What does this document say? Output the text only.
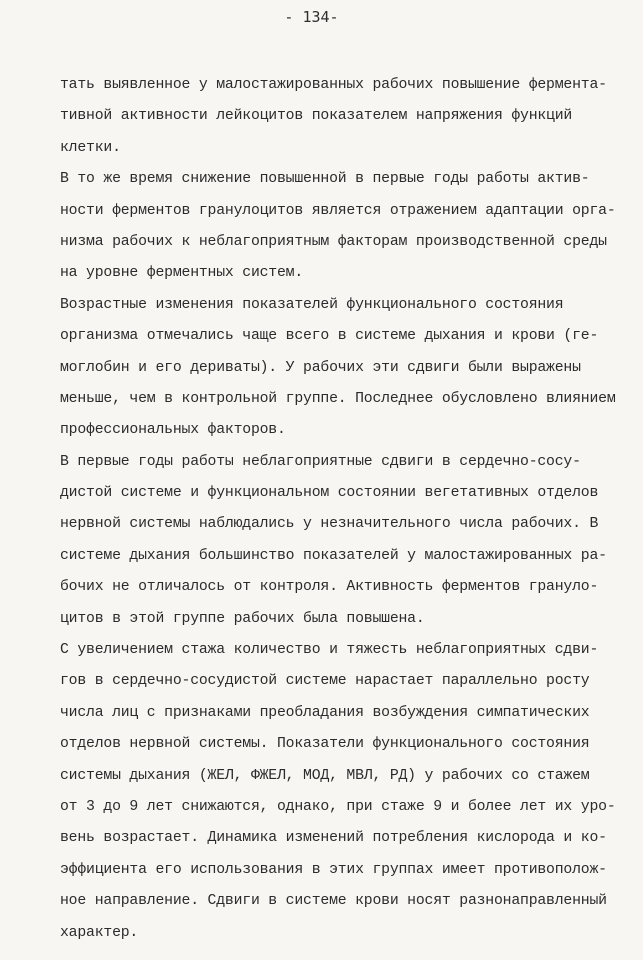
- 134-
тать выявленное у малостажированных рабочих повышение фермента-
тивной активности лейкоцитов показателем напряжения функций
клетки.
В то же время снижение повышенной в первые годы работы актив-
ности ферментов гранулоцитов является отражением адаптации орга-
низма рабочих к неблагоприятным факторам производственной среды
на уровне ферментных систем.
Возрастные изменения показателей функционального состояния
организма отмечались чаще всего в системе дыхания и крови (ге-
моглобин и его дериваты). У рабочих эти сдвиги были выражены
меньше, чем в контрольной группе. Последнее обусловлено влиянием
профессиональных факторов.
В первые годы работы неблагоприятные сдвиги в сердечно-сосу-
дистой системе и функциональном состоянии вегетативных отделов
нервной системы наблюдались у незначительного числа рабочих. В
системе дыхания большинство показателей у малостажированных ра-
бочих не отличалось от контроля. Активность ферментов грануло-
цитов в этой группе рабочих была повышена.
С увеличением стажа количество и тяжесть неблагоприятных сдви-
гов в сердечно-сосудистой системе нарастает параллельно росту
числа лиц с признаками преобладания возбуждения симпатических
отделов нервной системы. Показатели функционального состояния
системы дыхания (ЖЕЛ, ФЖЕЛ, МОД, МВЛ, РД) у рабочих со стажем
от 3 до 9 лет снижаются, однако, при стаже 9 и более лет их уро-
вень возрастает. Динамика изменений потребления кислорода и ко-
эффициента его использования в этих группах имеет противополож-
ное направление. Сдвиги в системе крови носят разнонаправленный
характер.
